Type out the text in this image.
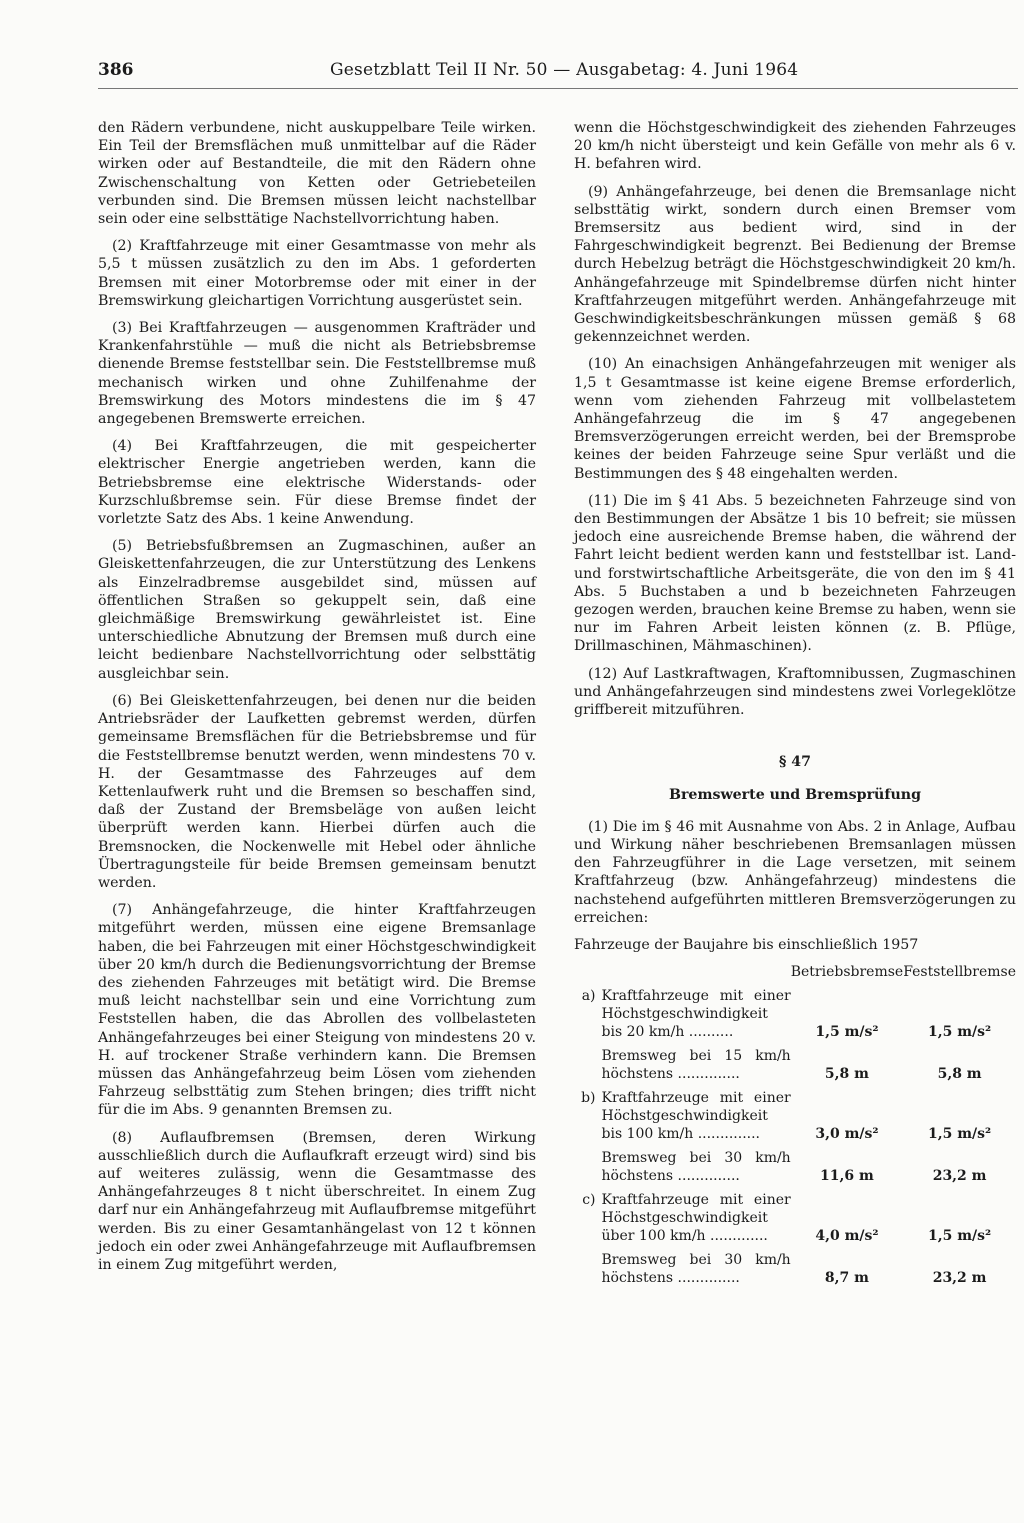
386	Gesetzblatt Teil II Nr. 50 — Ausgabetag: 4. Juni 1964

den Rädern verbundene, nicht auskuppelbare Teile wirken. Ein Teil der Bremsflächen muß unmittelbar auf die Räder wirken oder auf Bestandteile, die mit den Rädern ohne Zwischenschaltung von Ketten oder Getriebeteilen verbunden sind. Die Bremsen müssen leicht nachstellbar sein oder eine selbsttätige Nachstellvorrichtung haben.

(2) Kraftfahrzeuge mit einer Gesamtmasse von mehr als 5,5 t müssen zusätzlich zu den im Abs. 1 geforderten Bremsen mit einer Motorbremse oder mit einer in der Bremswirkung gleichartigen Vorrichtung ausgerüstet sein.

(3) Bei Kraftfahrzeugen — ausgenommen Krafträder und Krankenfahrstühle — muß die nicht als Betriebsbremse dienende Bremse feststellbar sein. Die Feststellbremse muß mechanisch wirken und ohne Zuhilfenahme der Bremswirkung des Motors mindestens die im § 47 angegebenen Bremswerte erreichen.

(4) Bei Kraftfahrzeugen, die mit gespeicherter elektrischer Energie angetrieben werden, kann die Betriebsbremse eine elektrische Widerstands- oder Kurzschlußbremse sein. Für diese Bremse findet der vorletzte Satz des Abs. 1 keine Anwendung.

(5) Betriebsfußbremsen an Zugmaschinen, außer an Gleiskettenfahrzeugen, die zur Unterstützung des Lenkens als Einzelradbremse ausgebildet sind, müssen auf öffentlichen Straßen so gekuppelt sein, daß eine gleichmäßige Bremswirkung gewährleistet ist. Eine unterschiedliche Abnutzung der Bremsen muß durch eine leicht bedienbare Nachstellvorrichtung oder selbsttätig ausgleichbar sein.

(6) Bei Gleiskettenfahrzeugen, bei denen nur die beiden Antriebsräder der Laufketten gebremst werden, dürfen gemeinsame Bremsflächen für die Betriebsbremse und für die Feststellbremse benutzt werden, wenn mindestens 70 v. H. der Gesamtmasse des Fahrzeuges auf dem Kettenlaufwerk ruht und die Bremsen so beschaffen sind, daß der Zustand der Bremsbeläge von außen leicht überprüft werden kann. Hierbei dürfen auch die Bremsnocken, die Nockenwelle mit Hebel oder ähnliche Übertragungsteile für beide Bremsen gemeinsam benutzt werden.

(7) Anhängefahrzeuge, die hinter Kraftfahrzeugen mitgeführt werden, müssen eine eigene Bremsanlage haben, die bei Fahrzeugen mit einer Höchstgeschwindigkeit über 20 km/h durch die Bedienungsvorrichtung der Bremse des ziehenden Fahrzeuges mit betätigt wird. Die Bremse muß leicht nachstellbar sein und eine Vorrichtung zum Feststellen haben, die das Abrollen des vollbelasteten Anhängefahrzeuges bei einer Steigung von mindestens 20 v. H. auf trockener Straße verhindern kann. Die Bremsen müssen das Anhängefahrzeug beim Lösen vom ziehenden Fahrzeug selbsttätig zum Stehen bringen; dies trifft nicht für die im Abs. 9 genannten Bremsen zu.

(8) Auflaufbremsen (Bremsen, deren Wirkung ausschließlich durch die Auflaufkraft erzeugt wird) sind bis auf weiteres zulässig, wenn die Gesamtmasse des Anhängefahrzeuges 8 t nicht überschreitet. In einem Zug darf nur ein Anhängefahrzeug mit Auflaufbremse mitgeführt werden. Bis zu einer Gesamtanhängelast von 12 t können jedoch ein oder zwei Anhängefahrzeuge mit Auflaufbremsen in einem Zug mitgeführt werden,

wenn die Höchstgeschwindigkeit des ziehenden Fahrzeuges 20 km/h nicht übersteigt und kein Gefälle von mehr als 6 v. H. befahren wird.

(9) Anhängefahrzeuge, bei denen die Bremsanlage nicht selbsttätig wirkt, sondern durch einen Bremser vom Bremsersitz aus bedient wird, sind in der Fahrgeschwindigkeit begrenzt. Bei Bedienung der Bremse durch Hebelzug beträgt die Höchstgeschwindigkeit 20 km/h. Anhängefahrzeuge mit Spindelbremse dürfen nicht hinter Kraftfahrzeugen mitgeführt werden. Anhängefahrzeuge mit Geschwindigkeitsbeschränkungen müssen gemäß § 68 gekennzeichnet werden.

(10) An einachsigen Anhängefahrzeugen mit weniger als 1,5 t Gesamtmasse ist keine eigene Bremse erforderlich, wenn vom ziehenden Fahrzeug mit vollbelastetem Anhängefahrzeug die im § 47 angegebenen Bremsverzögerungen erreicht werden, bei der Bremsprobe keines der beiden Fahrzeuge seine Spur verläßt und die Bestimmungen des § 48 eingehalten werden.

(11) Die im § 41 Abs. 5 bezeichneten Fahrzeuge sind von den Bestimmungen der Absätze 1 bis 10 befreit; sie müssen jedoch eine ausreichende Bremse haben, die während der Fahrt leicht bedient werden kann und feststellbar ist. Land- und forstwirtschaftliche Arbeitsgeräte, die von den im § 41 Abs. 5 Buchstaben a und b bezeichneten Fahrzeugen gezogen werden, brauchen keine Bremse zu haben, wenn sie nur im Fahren Arbeit leisten können (z. B. Pflüge, Drillmaschinen, Mähmaschinen).

(12) Auf Lastkraftwagen, Kraftomnibussen, Zugmaschinen und Anhängefahrzeugen sind mindestens zwei Vorlegeklötze griffbereit mitzuführen.

§ 47
Bremswerte und Bremsprüfung

(1) Die im § 46 mit Ausnahme von Abs. 2 in Anlage, Aufbau und Wirkung näher beschriebenen Bremsanlagen müssen den Fahrzeugführer in die Lage versetzen, mit seinem Kraftfahrzeug (bzw. Anhängefahrzeug) mindestens die nachstehend aufgeführten mittleren Bremsverzögerungen zu erreichen:

Fahrzeuge der Baujahre bis einschließlich 1957

		Betriebsbremse	Feststellbremse
a)	Kraftfahrzeuge mit einer Höchstgeschwindigkeit bis 20 km/h ..........	1,5 m/s²	1,5 m/s²

	Bremsweg bei 15 km/h höchstens ..............	5,8 m	5,8 m

b)	Kraftfahrzeuge mit einer Höchstgeschwindigkeit bis 100 km/h ..............	3,0 m/s²	1,5 m/s²

	Bremsweg bei 30 km/h höchstens ..............	11,6 m	23,2 m

c)	Kraftfahrzeuge mit einer Höchstgeschwindigkeit über 100 km/h .............	4,0 m/s²	1,5 m/s²

	Bremsweg bei 30 km/h höchstens ..............	8,7 m	23,2 m
